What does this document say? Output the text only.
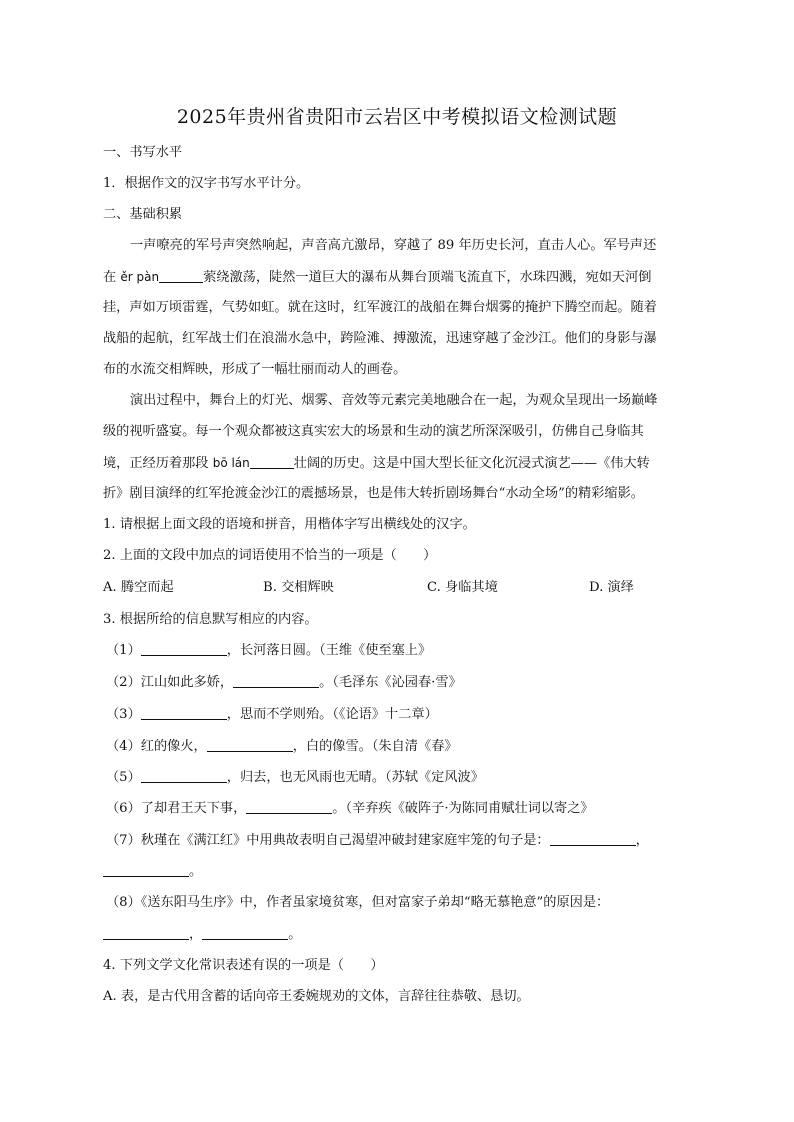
2025年贵州省贵阳市云岩区中考模拟语文检测试题
一、书写水平
1．根据作文的汉字书写水平计分。
二、基础积累
一声嘹亮的军号声突然响起，声音高亢激昂，穿越了 89 年历史长河，直击人心。军号声还
在 ěr pàn	萦绕激荡，陡然一道巨大的瀑布从舞台顶端飞流直下，水珠四溅，宛如天河倒
挂，声如万顷雷霆，气势如虹。就在这时，红军渡江的战船在舞台烟雾的掩护下腾空而起。随着
战船的起航，红军战士们在浪湍水急中，跨险滩、搏激流，迅速穿越了金沙江。他们的身影与瀑
布的水流交相辉映，形成了一幅壮丽而动人的画卷。
演出过程中，舞台上的灯光、烟雾、音效等元素完美地融合在一起，为观众呈现出一场巅峰
级的视听盛宴。每一个观众都被这真实宏大的场景和生动的演艺所深深吸引，仿佛自己身临其
境，正经历着那段 bō lán	壮阔的历史。这是中国大型长征文化沉浸式演艺——《伟大转
折》剧目演绎的红军抢渡金沙江的震撼场景，也是伟大转折剧场舞台“水动全场”的精彩缩影。
1. 请根据上面文段的语境和拼音，用楷体字写出横线处的汉字。
2. 上面的文段中加点的词语使用不恰当的一项是（　　）
A. 腾空而起	B. 交相辉映	C. 身临其境	D. 演绎
3. 根据所给的信息默写相应的内容。
（1）	，长河落日圆。（王维《使至塞上》
（2）江山如此多娇，	。（毛泽东《沁园春·雪》
（3）	，思而不学则殆。（《论语》十二章）
（4）红的像火，	，白的像雪。（朱自清《春》
（5）	，归去，也无风雨也无晴。（苏轼《定风波》
（6）了却君王天下事，	。（辛弃疾《破阵子·为陈同甫赋壮词以寄之》
（7）秋瑾在《满江红》中用典故表明自己渴望冲破封建家庭牢笼的句子是：	，
。
（8）《送东阳马生序》中，作者虽家境贫寒，但对富家子弟却“略无慕艳意”的原因是：
，	。
4. 下列文学文化常识表述有误的一项是（　　）
A. 表，是古代用含蓄的话向帝王委婉规劝的文体，言辞往往恭敬、恳切。
